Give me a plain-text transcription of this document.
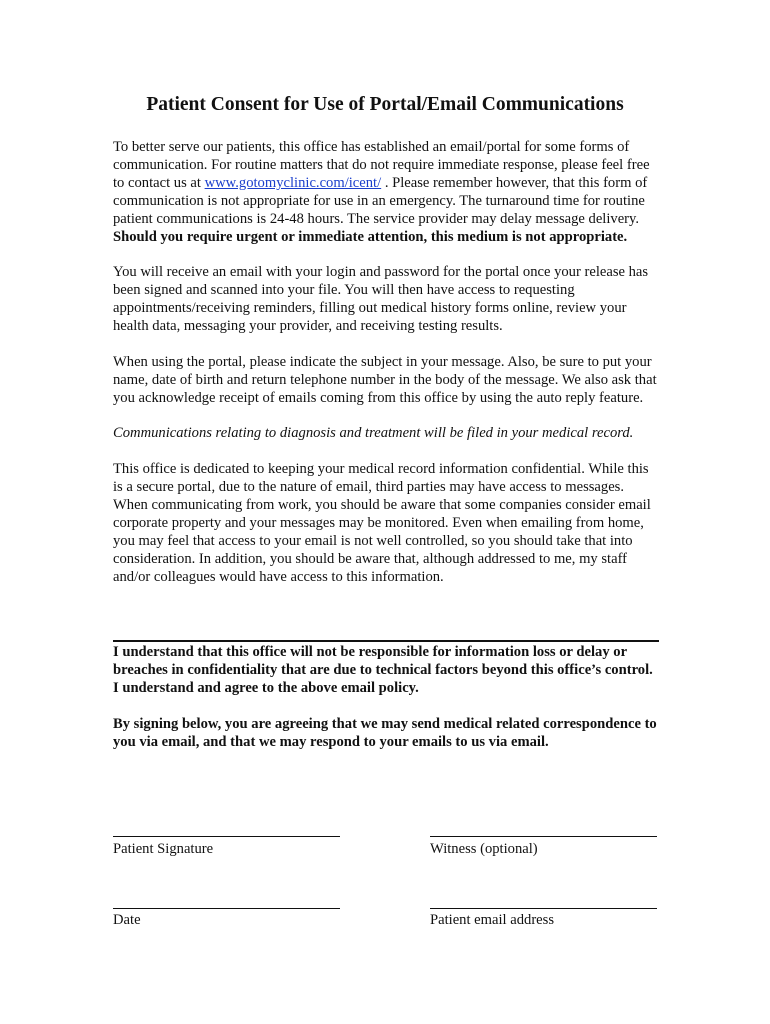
Patient Consent for Use of Portal/Email Communications

To better serve our patients, this office has established an email/portal for some forms of communication. For routine matters that do not require immediate response, please feel free to contact us at www.gotomyclinic.com/icent/ . Please remember however, that this form of communication is not appropriate for use in an emergency. The turnaround time for routine patient communications is 24-48 hours. The service provider may delay message delivery. Should you require urgent or immediate attention, this medium is not appropriate.

You will receive an email with your login and password for the portal once your release has been signed and scanned into your file. You will then have access to requesting appointments/receiving reminders, filling out medical history forms online, review your health data, messaging your provider, and receiving testing results.

When using the portal, please indicate the subject in your message. Also, be sure to put your name, date of birth and return telephone number in the body of the message. We also ask that you acknowledge receipt of emails coming from this office by using the auto reply feature.

Communications relating to diagnosis and treatment will be filed in your medical record.

This office is dedicated to keeping your medical record information confidential. While this is a secure portal, due to the nature of email, third parties may have access to messages. When communicating from work, you should be aware that some companies consider email corporate property and your messages may be monitored. Even when emailing from home, you may feel that access to your email is not well controlled, so you should take that into consideration. In addition, you should be aware that, although addressed to me, my staff and/or colleagues would have access to this information.

I understand that this office will not be responsible for information loss or delay or breaches in confidentiality that are due to technical factors beyond this office’s control.

I understand and agree to the above email policy.

By signing below, you are agreeing that we may send medical related correspondence to you via email, and that we may respond to your emails to us via email.

Patient Signature	Witness (optional)
Date	Patient email address
